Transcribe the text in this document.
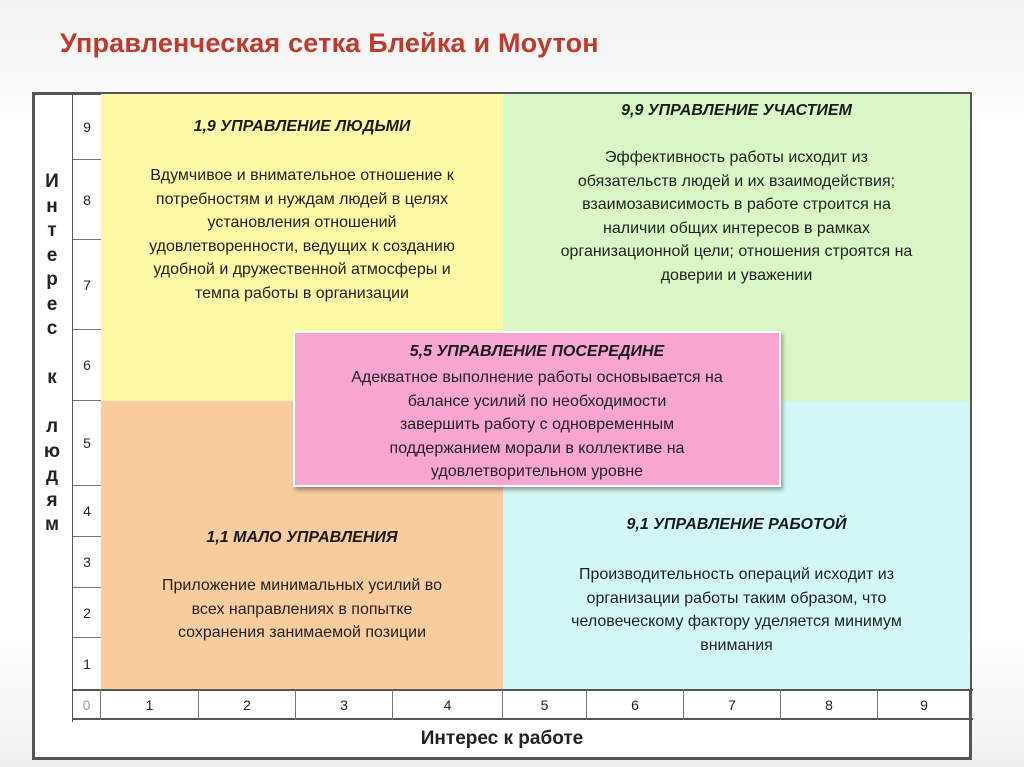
Управленческая сетка Блейка и Моутон
1,9 УПРАВЛЕНИЕ ЛЮДЬМИ
Вдумчивое и внимательное отношение к
потребностям и нуждам людей в целях
установления отношений
удовлетворенности, ведущих к созданию
удобной и дружественной атмосферы и
темпа работы в организации
9,9 УПРАВЛЕНИЕ УЧАСТИЕМ
Эффективность работы исходит из
обязательств людей и их взаимодействия;
взаимозависимость в работе строится на
наличии общих интересов в рамках
организационной цели; отношения строятся на
доверии и уважении
1,1 МАЛО УПРАВЛЕНИЯ
Приложение минимальных усилий во
всех направлениях в попытке
сохранения занимаемой позиции
9,1 УПРАВЛЕНИЕ РАБОТОЙ
Производительность операций исходит из
организации работы таким образом, что
человеческому фактору уделяется минимум
внимания
5,5 УПРАВЛЕНИЕ ПОСЕРЕДИНЕ
Адекватное выполнение работы основывается на
балансе усилий по необходимости
завершить работу с одновременным
поддержанием морали в коллективе на
удовлетворительном уровне
9
8
7
6
5
4
3
2
1
И
н
т
е
р
е
с
к
л
ю
д
я
м
0	1	2	3	4	5	6	7	8	9
Интерес к работе
